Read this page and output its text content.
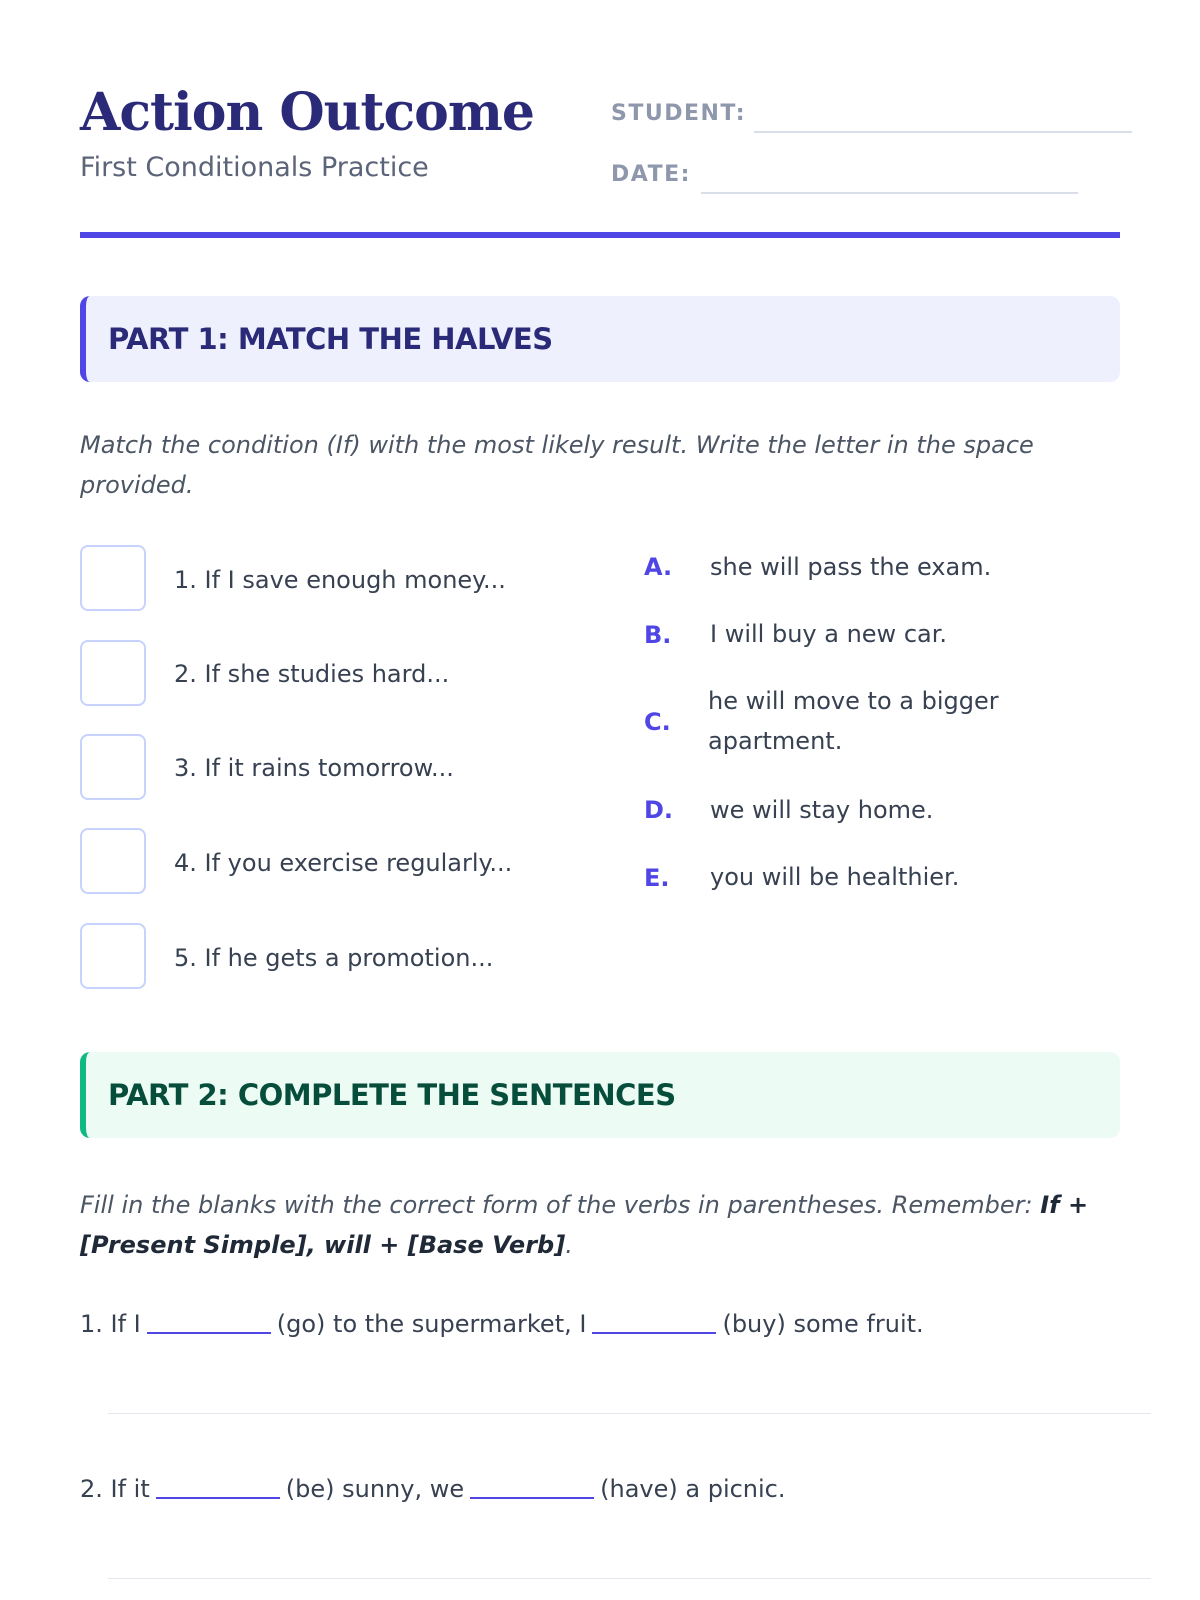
Action Outcome
First Conditionals Practice
STUDENT:
DATE:
PART 1: MATCH THE HALVES
Match the condition (If) with the most likely result. Write the letter in the space provided.
1. If I save enough money...
2. If she studies hard...
3. If it rains tomorrow...
4. If you exercise regularly...
5. If he gets a promotion...
A. she will pass the exam.
B. I will buy a new car.
C.
he will move to a bigger apartment.
D. we will stay home.
E. you will be healthier.
PART 2: COMPLETE THE SENTENCES
Fill in the blanks with the correct form of the verbs in parentheses. Remember: If + [Present Simple], will + [Base Verb].
1. If I	(go) to the supermarket, I	(buy) some fruit.
2. If it	(be) sunny, we	(have) a picnic.
